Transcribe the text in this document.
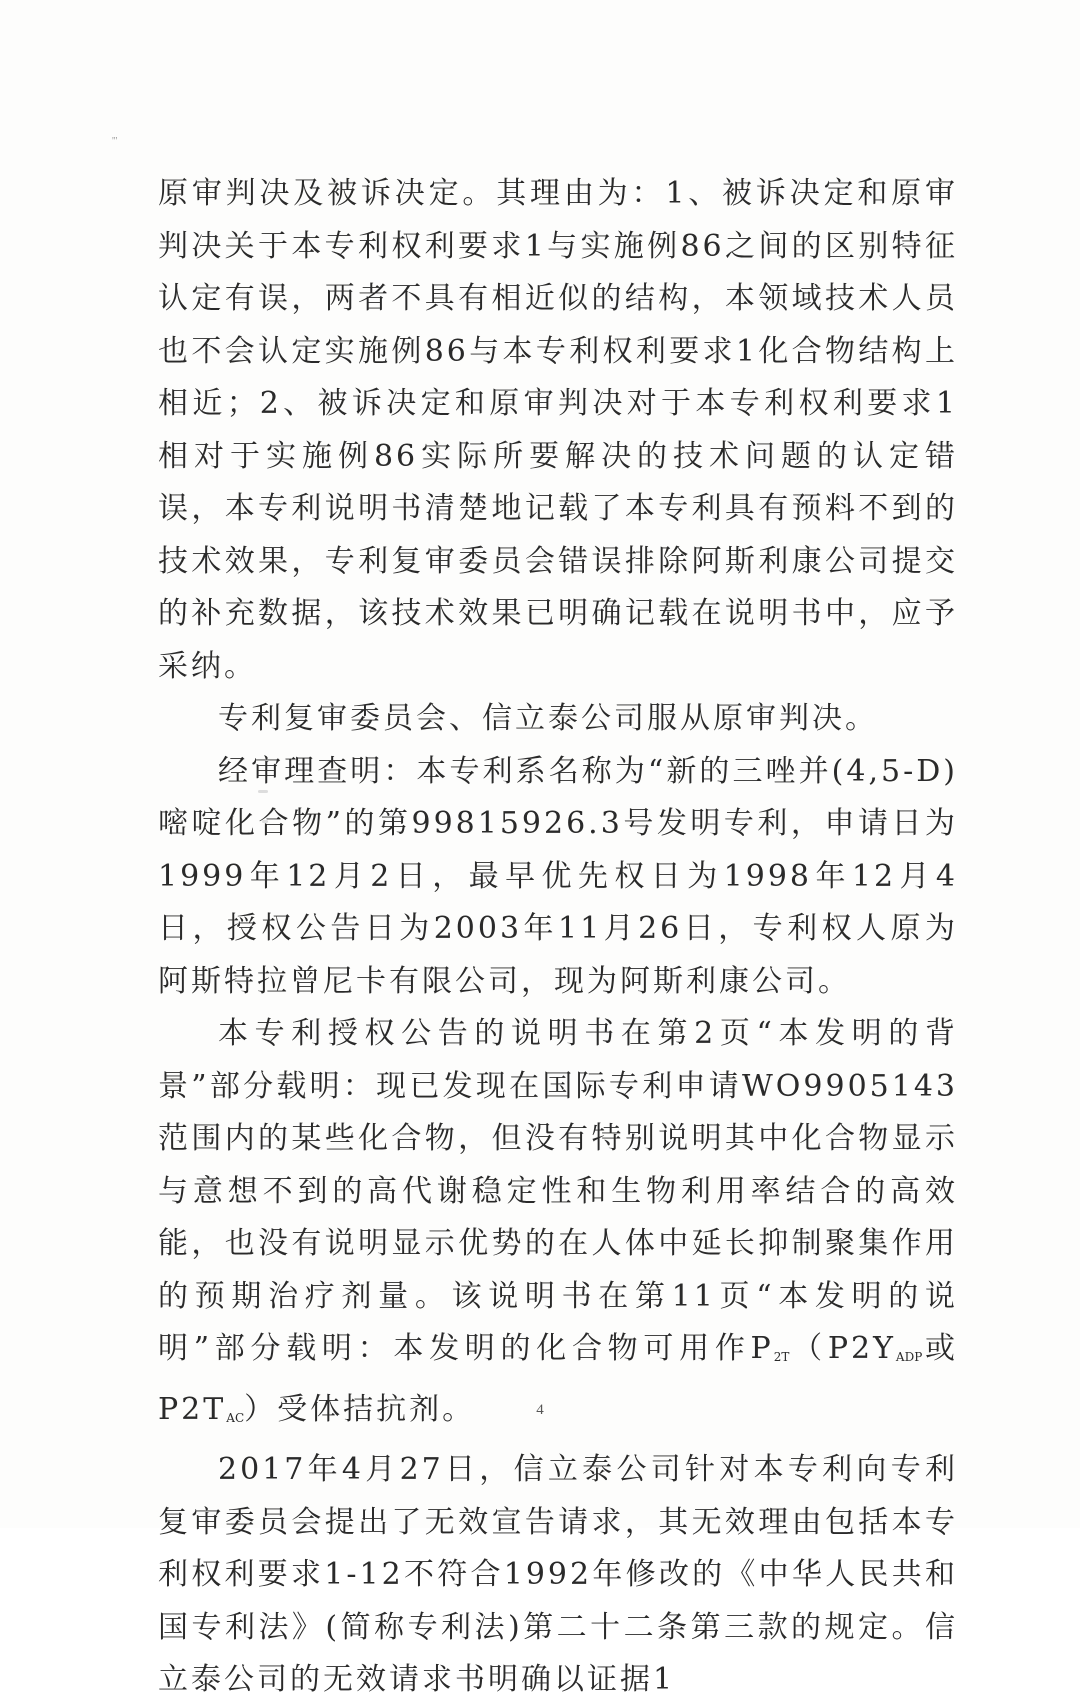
'''

原审判决及被诉决定。其理由为：1、被诉决定和原审判决关于本专利权利要求1与实施例86之间的区别特征认定有误，两者不具有相近似的结构，本领域技术人员也不会认定实施例86与本专利权利要求1化合物结构上相近；2、被诉决定和原审判决对于本专利权利要求1相对于实施例86实际所要解决的技术问题的认定错误，本专利说明书清楚地记载了本专利具有预料不到的技术效果，专利复审委员会错误排除阿斯利康公司提交的补充数据，该技术效果已明确记载在说明书中，应予采纳。

专利复审委员会、信立泰公司服从原审判决。

经审理查明：本专利系名称为“新的三唑并(4,5-D)嘧啶化合物”的第99815926.3号发明专利，申请日为1999年12月2日，最早优先权日为1998年12月4日，授权公告日为2003年11月26日，专利权人原为阿斯特拉曾尼卡有限公司，现为阿斯利康公司。

本专利授权公告的说明书在第2页“本发明的背景”部分载明：现已发现在国际专利申请WO9905143范围内的某些化合物，但没有特别说明其中化合物显示与意想不到的高代谢稳定性和生物利用率结合的高效能，也没有说明显示优势的在人体中延长抑制聚集作用的预期治疗剂量。该说明书在第11页“本发明的说明”部分载明：本发明的化合物可用作$P_{2T}(P2Y_{ADP}$或$P2T_{AC}$）受体拮抗剂。

2017年4月27日，信立泰公司针对本专利向专利复审委员会提出了无效宣告请求，其无效理由包括本专利权利要求1-12不符合1992年修改的《中华人民共和国专利法》(简称专利法)第二十二条第三款的规定。信立泰公司的无效请求书明确以证据1

4
